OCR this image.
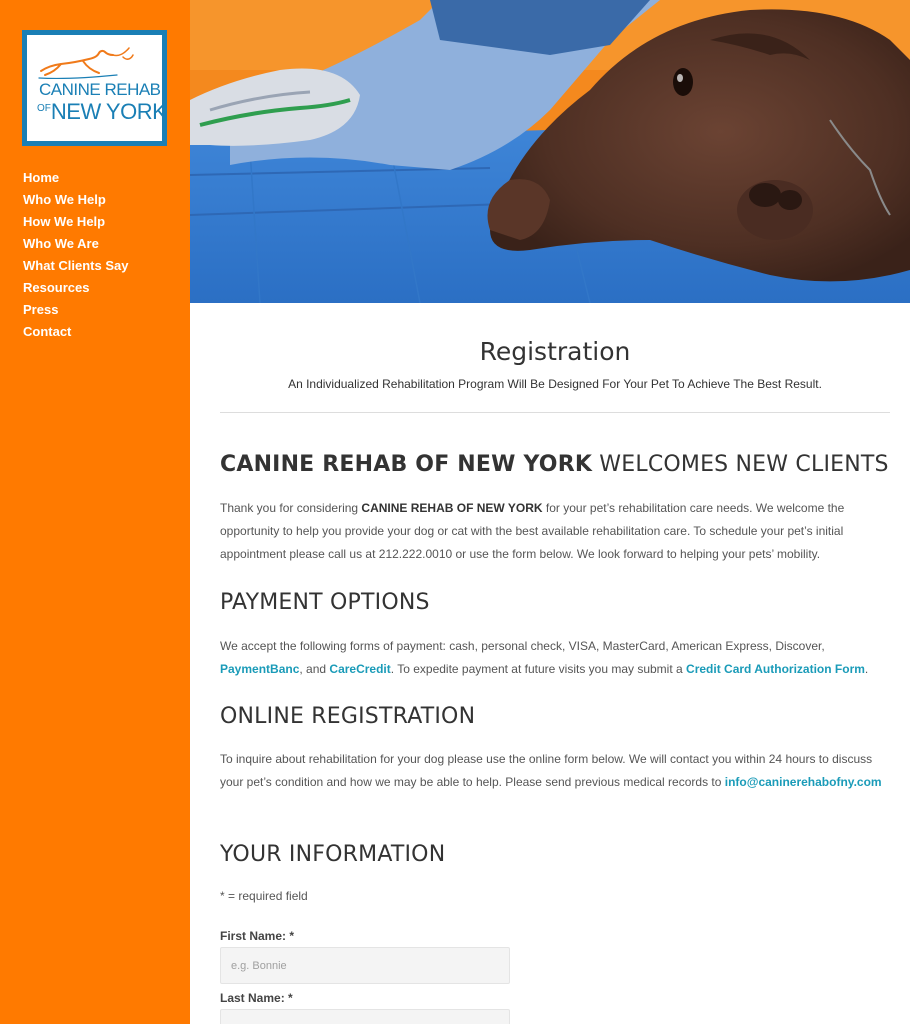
CANINE REHAB
$^{OF}$NEW YORK
Home
Who We Help
How We Help
Who We Are
What Clients Say
Resources
Press
Contact
Registration
An Individualized Rehabilitation Program Will Be Designed For Your Pet To Achieve The Best Result.
CANINE REHAB OF NEW YORK WELCOMES NEW CLIENTS

Thank you for considering CANINE REHAB OF NEW YORK for your pet’s rehabilitation care needs. We welcome the opportunity to help you provide your dog or cat with the best available rehabilitation care. To schedule your pet’s initial appointment please call us at 212.222.0010 or use the form below. We look forward to helping your pets’ mobility.

PAYMENT OPTIONS

We accept the following forms of payment: cash, personal check, VISA, MasterCard, American Express, Discover, PaymentBanc, and CareCredit. To expedite payment at future visits you may submit a Credit Card Authorization Form.

ONLINE REGISTRATION

To inquire about rehabilitation for your dog please use the online form below. We will contact you within 24 hours to discuss your pet’s condition and how we may be able to help. Please send previous medical records to info@caninerehabofny.com

YOUR INFORMATION
* = required field
First Name: *
e.g. Bonnie
Last Name: *
